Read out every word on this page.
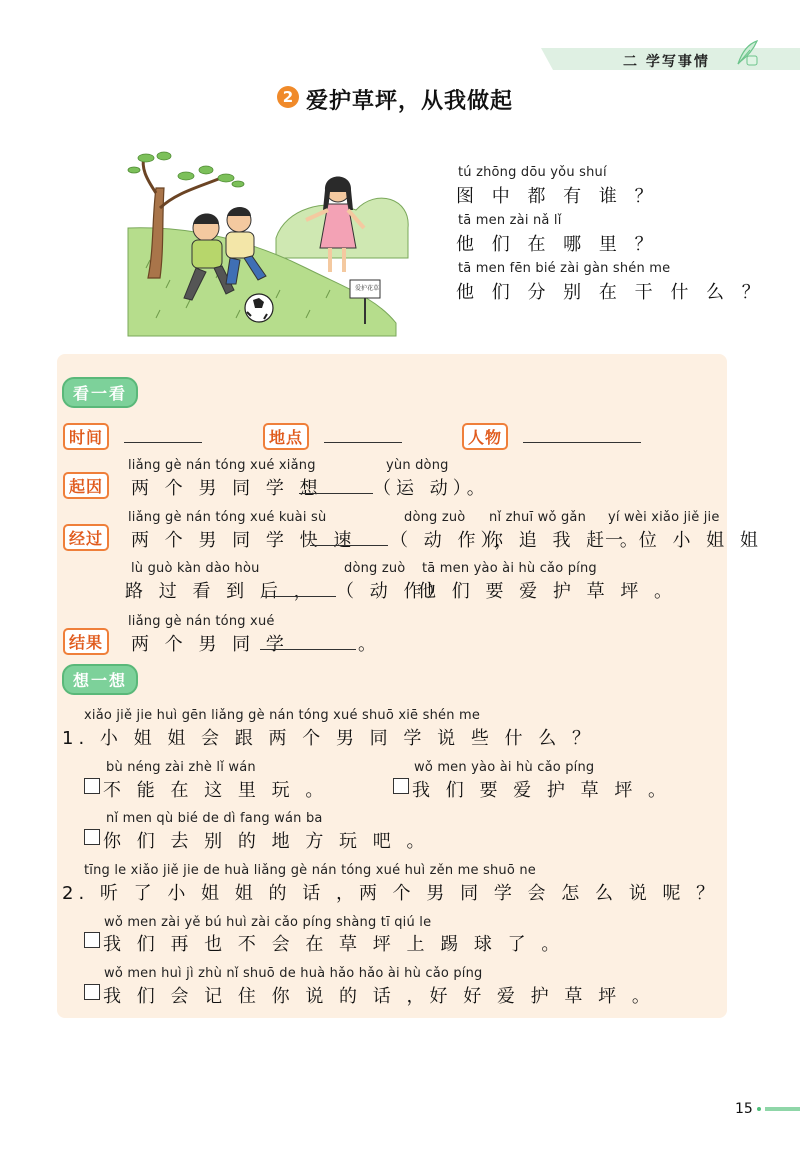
二 学写事情
2 爱护草坪，从我做起
爱护花草
tú zhōng dōu yǒu shuí
图 中 都 有 谁 ？
tā men zài nǎ lǐ
他 们 在 哪 里 ？
tā men fēn bié zài gàn shén me
他 们 分 别 在 干 什 么 ？
看一看
时间	地点	人物
liǎng gè nán tóng xué xiǎng	yùn dòng
起因	两 个 男 同 学 想	（运 动）。
liǎng gè nán tóng xué kuài sù	dòng zuò nǐ zhuī wǒ gǎn yí wèi xiǎo jiě jie
经过	两 个 男 同 学 快 速 （ 动 作），
你 追 我 赶 。
一 位 小 姐 姐
lù guò kàn dào hòu	dòng zuò tā men yào ài hù cǎo píng
路 过 看 到 后 ， （ 动 作）
他 们 要 爱 护 草 坪 。
liǎng gè nán tóng xué
结果	两 个 男 同 学	。
想一想
xiǎo jiě jie huì gēn liǎng gè nán tóng xué shuō xiē shén me
1. 小 姐 姐 会 跟 两 个 男 同 学 说 些 什 么 ？
bù néng zài zhè lǐ wán
不 能 在 这 里 玩 。
wǒ men yào ài hù cǎo píng
我 们 要 爱 护 草 坪 。
nǐ men qù bié de dì fang wán ba
你 们 去 别 的 地 方 玩 吧 。
tīng le xiǎo jiě jie de huà liǎng gè nán tóng xué huì zěn me shuō ne
2. 听 了 小 姐 姐 的 话 ，两 个 男 同 学 会 怎 么 说 呢 ？
wǒ men zài yě bú huì zài cǎo píng shàng tī qiú le
我 们 再 也 不 会 在 草 坪 上 踢 球 了 。
wǒ men huì jì zhù nǐ shuō de huà hǎo hǎo ài hù cǎo píng
我 们 会 记 住 你 说 的 话 ，好 好 爱 护 草 坪 。
15
